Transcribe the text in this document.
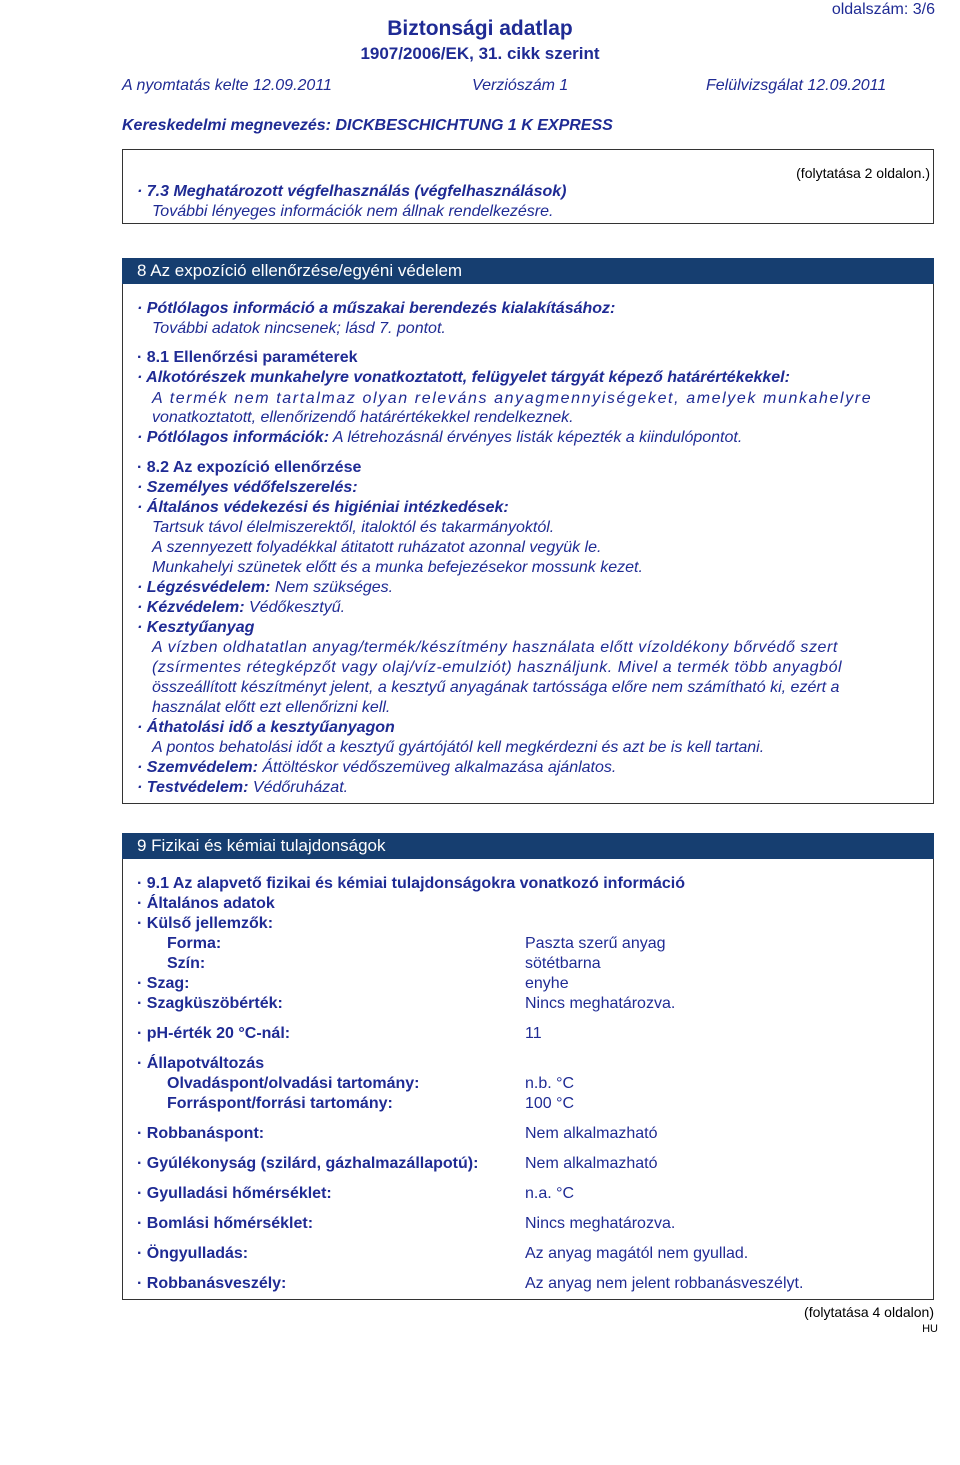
oldalszám: 3/6
Biztonsági adatlap
1907/2006/EK, 31. cikk szerint
A nyomtatás kelte 12.09.2011	Verziószám 1	Felülvizsgálat 12.09.2011
Kereskedelmi megnevezés: DICKBESCHICHTUNG 1 K EXPRESS
(folytatása 2 oldalon.)
· 7.3 Meghatározott végfelhasználás (végfelhasználások)
További lényeges információk nem állnak rendelkezésre.
8 Az expozíció ellenőrzése/egyéni védelem
· Pótlólagos információ a műszakai berendezés kialakításához:
További adatok nincsenek; lásd 7. pontot.
· 8.1 Ellenőrzési paraméterek
· Alkotórészek munkahelyre vonatkoztatott, felügyelet tárgyát képező határértékekkel:
A termék nem tartalmaz olyan releváns anyagmennyiségeket, amelyek munkahelyre
vonatkoztatott, ellenőrizendő határértékekkel rendelkeznek.
· Pótlólagos információk: A létrehozásnál érvényes listák képezték a kiindulópontot.
· 8.2 Az expozíció ellenőrzése
· Személyes védőfelszerelés:
· Általános védekezési és higiéniai intézkedések:
Tartsuk távol élelmiszerektől, italoktól és takarmányoktól.
A szennyezett folyadékkal átitatott ruházatot azonnal vegyük le.
Munkahelyi szünetek előtt és a munka befejezésekor mossunk kezet.
· Légzésvédelem: Nem szükséges.
· Kézvédelem: Védőkesztyű.
· Kesztyűanyag
A vízben oldhatatlan anyag/termék/készítmény használata előtt vízoldékony bőrvédő szert
(zsírmentes rétegképzőt vagy olaj/víz-emulziót) használjunk. Mivel a termék több anyagból
összeállított készítményt jelent, a kesztyű anyagának tartóssága előre nem számítható ki, ezért a
használat előtt ezt ellenőrizni kell.
· Áthatolási idő a kesztyűanyagon
A pontos behatolási időt a kesztyű gyártójától kell megkérdezni és azt be is kell tartani.
· Szemvédelem: Áttöltéskor védőszemüveg alkalmazása ajánlatos.
· Testvédelem: Védőruházat.
9 Fizikai és kémiai tulajdonságok
· 9.1 Az alapvető fizikai és kémiai tulajdonságokra vonatkozó információ
· Általános adatok
· Külső jellemzők:
Forma:	Paszta szerű anyag
Szín:	sötétbarna
· Szag:	enyhe
· Szagküszöbérték:	Nincs meghatározva.
· pH-érték 20 °C-nál:	11
· Állapotváltozás
Olvadáspont/olvadási tartomány:	n.b. °C
Forráspont/forrási tartomány:	100 °C
· Robbanáspont:	Nem alkalmazható
· Gyúlékonyság (szilárd, gázhalmazállapotú):	Nem alkalmazható
· Gyulladási hőmérséklet:	n.a. °C
· Bomlási hőmérséklet:	Nincs meghatározva.
· Öngyulladás:	Az anyag magától nem gyullad.
· Robbanásveszély:	Az anyag nem jelent robbanásveszélyt.
(folytatása 4 oldalon)
HU
